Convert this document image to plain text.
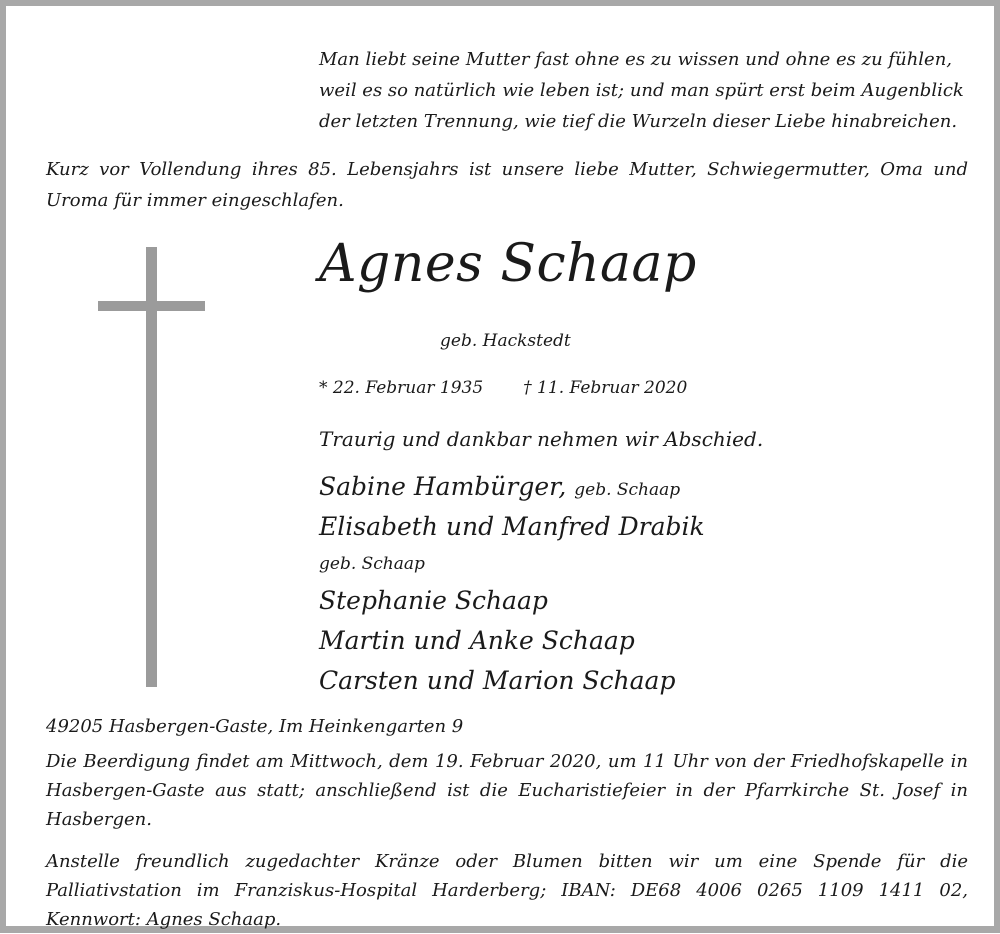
Man liebt seine Mutter fast ohne es zu wissen und ohne es zu fühlen,
weil es so natürlich wie leben ist; und man spürt erst beim Augenblick
der letzten Trennung, wie tief die Wurzeln dieser Liebe hinabreichen.
Kurz vor Vollendung ihres 85. Lebensjahrs ist unsere liebe Mutter, Schwiegermutter, Oma und Uroma für immer eingeschlafen.
Agnes Schaap
geb. Hackstedt
* 22. Februar 1935 † 11. Februar 2020
Traurig und dankbar nehmen wir Abschied.
Sabine Hambürger, geb. Schaap
Elisabeth und Manfred Drabik
geb. Schaap
Stephanie Schaap
Martin und Anke Schaap
Carsten und Marion Schaap
49205 Hasbergen-Gaste, Im Heinkengarten 9
Die Beerdigung findet am Mittwoch, dem 19. Februar 2020, um 11 Uhr von der Friedhofskapelle in Hasbergen-Gaste aus statt; anschließend ist die Eucharistiefeier in der Pfarrkirche St. Josef in Hasbergen.
Anstelle freundlich zugedachter Kränze oder Blumen bitten wir um eine Spende für die Palliativstation im Franziskus-Hospital Harderberg; IBAN: DE68 4006 0265 1109 1411 02, Kennwort: Agnes Schaap.
